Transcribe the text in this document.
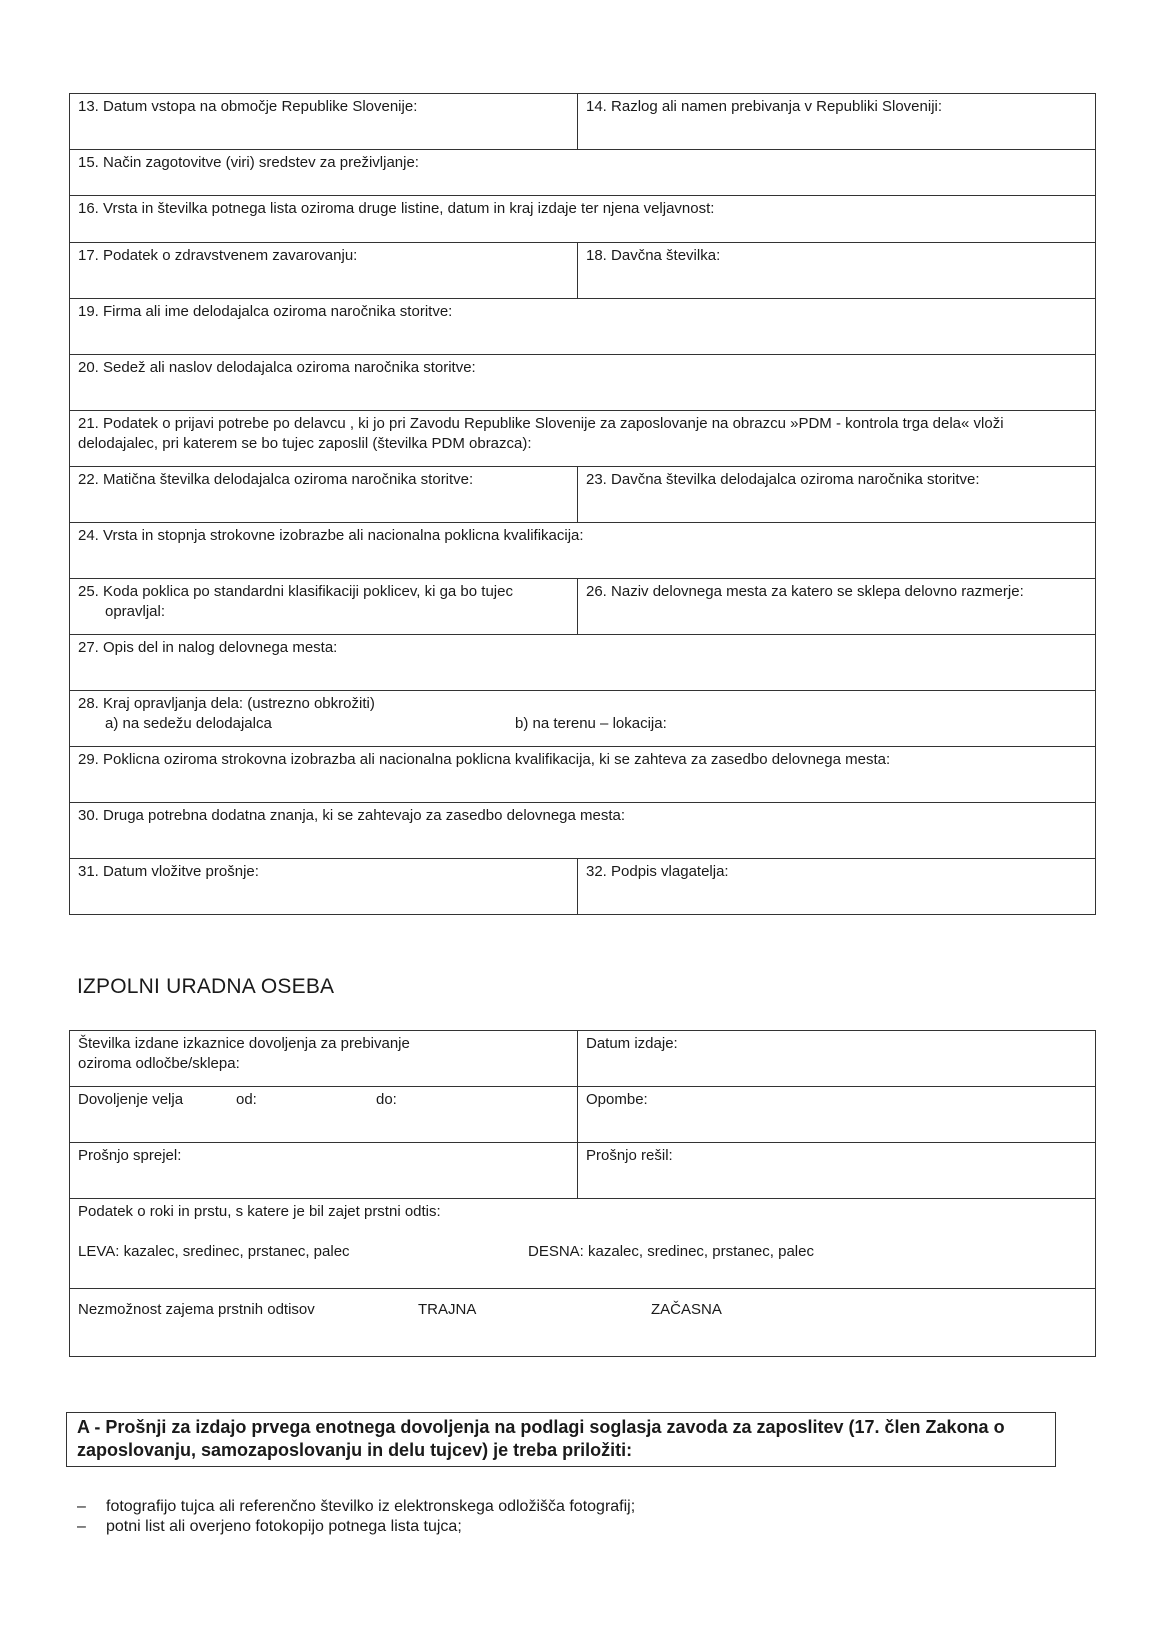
13. Datum vstopa na območje Republike Slovenije:	14. Razlog ali namen prebivanja v Republiki Sloveniji:

15. Način zagotovitve (viri) sredstev za preživljanje:	

16. Vrsta in številka potnega lista oziroma druge listine, datum in kraj izdaje ter njena veljavnost:	

17. Podatek o zdravstvenem zavarovanju:	18. Davčna številka:

19. Firma ali ime delodajalca oziroma naročnika storitve:	

20. Sedež ali naslov delodajalca oziroma naročnika storitve:	

21. Podatek o prijavi potrebe po delavcu , ki jo pri Zavodu Republike Slovenije za zaposlovanje na obrazcu »PDM - kontrola trga dela« vloži delodajalec, pri katerem se bo tujec zaposlil (številka PDM obrazca):	

22. Matična številka delodajalca oziroma naročnika storitve:	23. Davčna številka delodajalca oziroma naročnika storitve:

24. Vrsta in stopnja strokovne izobrazbe ali nacionalna poklicna kvalifikacija:	

25. Koda poklica po standardni klasifikaciji poklicev, ki ga bo tujec
opravljal:	26. Naziv delovnega mesta za katero se sklepa delovno razmerje:

27. Opis del in nalog delovnega mesta:	

28. Kraj opravljanja dela: (ustrezno obkrožiti)
a) na sedežu delodajalca b) na terenu – lokacija:	

29. Poklicna oziroma strokovna izobrazba ali nacionalna poklicna kvalifikacija, ki se zahteva za zasedbo delovnega mesta:	

30. Druga potrebna dodatna znanja, ki se zahtevajo za zasedbo delovnega mesta:	

31. Datum vložitve prošnje:	32. Podpis vlagatelja:
IZPOLNI URADNA OSEBA
Številka izdane izkaznice dovoljenja za prebivanje
oziroma odločbe/sklepa:	Datum izdaje:

Dovoljenje velja od: do:	Opombe:

Prošnjo sprejel:	Prošnjo rešil:

Podatek o roki in prstu, s katere je bil zajet prstni odtis:
LEVA: kazalec, sredinec, prstanec, palec DESNA: kazalec, sredinec, prstanec, palec	

Nezmožnost zajema prstnih odtisov TRAJNA ZAČASNA	
A - Prošnji za izdajo prvega enotnega dovoljenja na podlagi soglasja zavoda za zaposlitev (17. člen Zakona o zaposlovanju, samozaposlovanju in delu tujcev) je treba priložiti:
–	fotografijo tujca ali referenčno številko iz elektronskega odložišča fotografij;
–	potni list ali overjeno fotokopijo potnega lista tujca;
